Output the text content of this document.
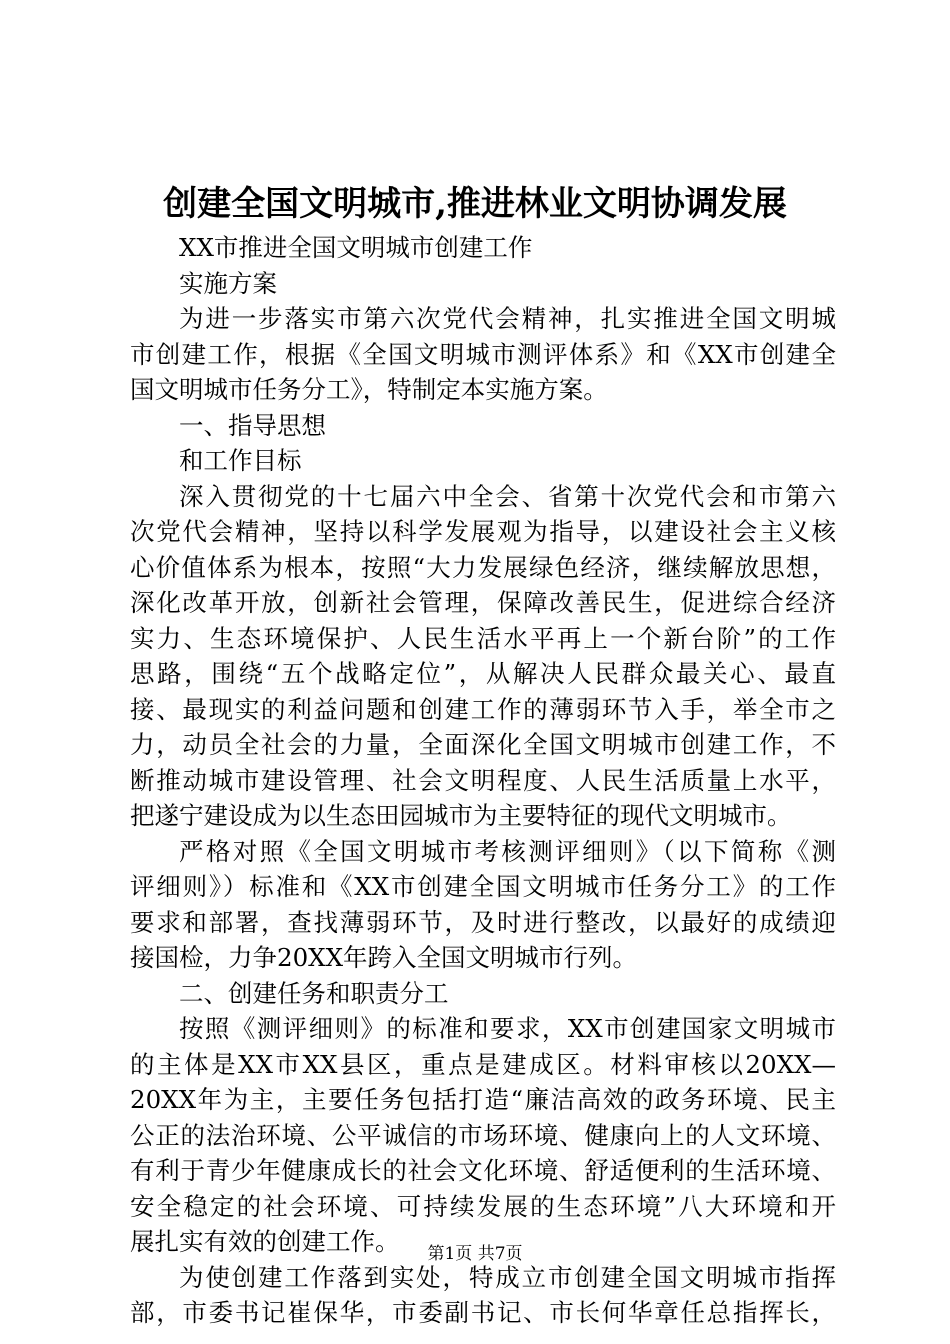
创建全国文明城市,推进林业文明协调发展
XX市推进全国文明城市创建工作
实施方案
为进一步落实市第六次党代会精神，扎实推进全国文明城
市创建工作，根据《全国文明城市测评体系》和《XX市创建全
国文明城市任务分工》，特制定本实施方案。
一、指导思想
和工作目标
深入贯彻党的十七届六中全会、省第十次党代会和市第六
次党代会精神，坚持以科学发展观为指导，以建设社会主义核
心价值体系为根本，按照“大力发展绿色经济，继续解放思想，
深化改革开放，创新社会管理，保障改善民生，促进综合经济
实力、生态环境保护、人民生活水平再上一个新台阶”的工作
思路，围绕“五个战略定位”，从解决人民群众最关心、最直
接、最现实的利益问题和创建工作的薄弱环节入手，举全市之
力，动员全社会的力量，全面深化全国文明城市创建工作，不
断推动城市建设管理、社会文明程度、人民生活质量上水平，
把遂宁建设成为以生态田园城市为主要特征的现代文明城市。
严格对照《全国文明城市考核测评细则》（以下简称《测
评细则》）标准和《XX市创建全国文明城市任务分工》的工作
要求和部署，查找薄弱环节，及时进行整改，以最好的成绩迎
接国检，力争20XX年跨入全国文明城市行列。
二、创建任务和职责分工
按照《测评细则》的标准和要求，XX市创建国家文明城市
的主体是XX市XX县区，重点是建成区。材料审核以20XX—
20XX年为主，主要任务包括打造“廉洁高效的政务环境、民主
公正的法治环境、公平诚信的市场环境、健康向上的人文环境、
有利于青少年健康成长的社会文化环境、舒适便利的生活环境、
安全稳定的社会环境、可持续发展的生态环境”八大环境和开
展扎实有效的创建工作。
为使创建工作落到实处，特成立市创建全国文明城市指挥
部，市委书记崔保华，市委副书记、市长何华章任总指挥长，
第1页 共7页
